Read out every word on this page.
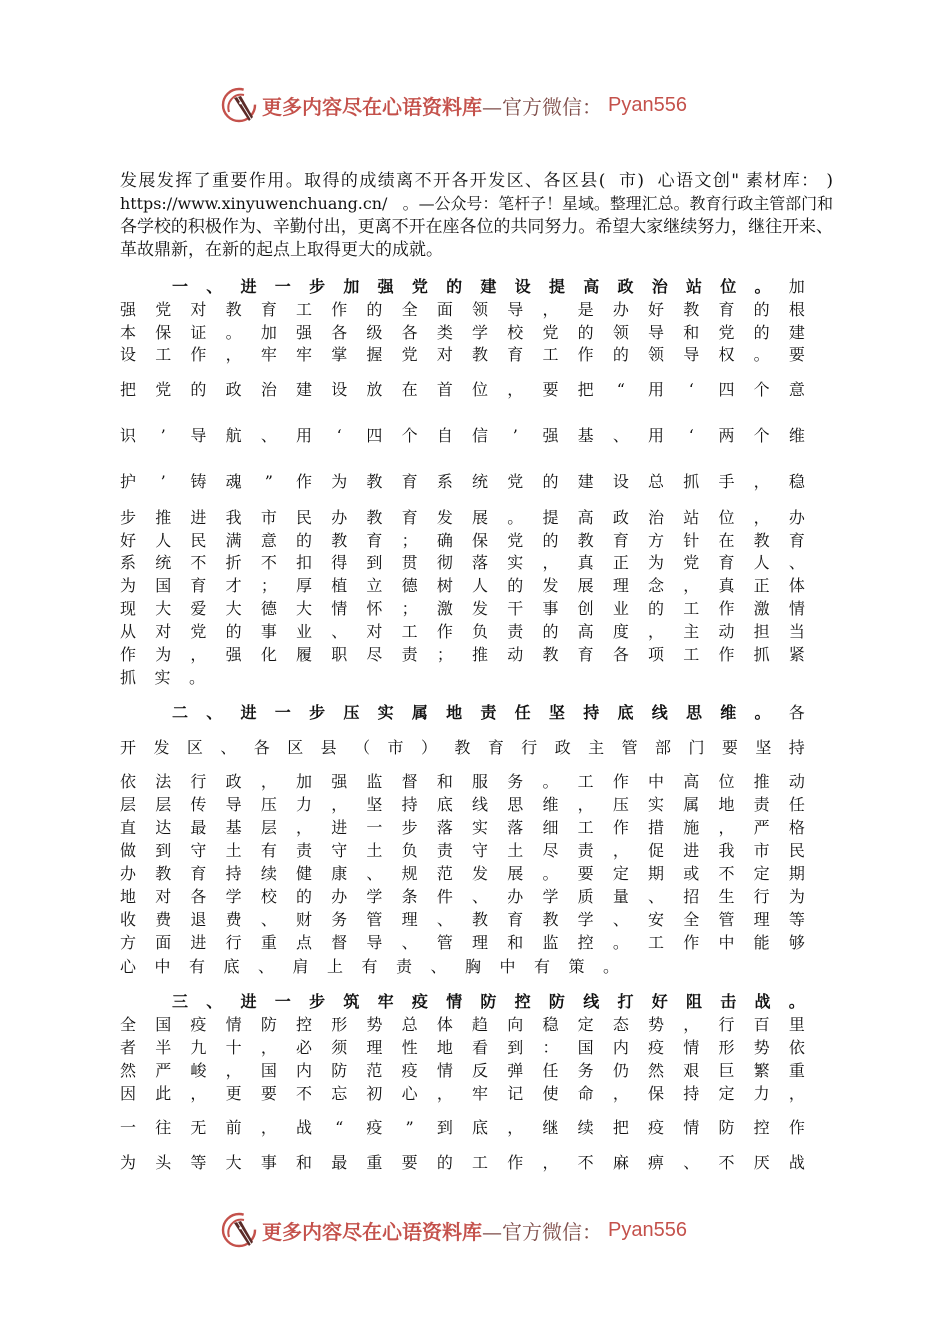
更多内容尽在心语资料库 —官方微信： Pyan556
发展发挥了重要作用。取得的成绩离不开各开发区、各区县(  市)  心语文创" 素材库： )
https://www.xinyuwenchuang.cn/   。—公众号：笔杆子！星域。整理汇总。教育行政主管部门和
各学校的积极作为、辛勤付出，更离不开在座各位的共同努力。希望大家继续努力，继往开来、
革故鼎新，在新的起点上取得更大的成就。
一 、 进 一 步 加 强 党 的 建 设 提 高 政 治 站 位 。 加
强 党 对 教 育 工 作 的 全 面 领 导 ， 是 办 好 教 育 的 根
本 保 证 。 加 强 各 级 各 类 学 校 党 的 领 导 和 党 的 建
设 工 作 ， 牢 牢 掌 握 党 对 教 育 工 作 的 领 导 权 。 要
把 党 的 政 治 建 设 放 在 首 位 ， 要 把 “ 用	‘	四 个 意
识	’	导 航 、 用	‘	四 个 自 信	’	强 基 、 用	‘	两 个 维
护	’	铸 魂 ” 作 为 教 育 系 统 党 的 建 设 总 抓 手 ， 稳
步 推 进 我 市 民 办 教 育 发 展 。 提 高 政 治 站 位 ， 办
好 人 民 满 意 的 教 育 ； 确 保 党 的 教 育 方 针 在 教 育
系 统 不 折 不 扣 得 到 贯 彻 落 实 ， 真 正 为 党 育 人 、
为 国 育 才 ； 厚 植 立 德 树 人 的 发 展 理 念 ， 真 正 体
现 大 爱 大 德 大 情 怀 ； 激 发 干 事 创 业 的 工 作 激 情
从 对 党 的 事 业 、 对 工 作 负 责 的 高 度 ， 主 动 担 当
作 为 ， 强 化 履 职 尽 责 ； 推 动 教 育 各 项 工 作 抓 紧
抓 实 。
二 、 进 一 步 压 实 属 地 责 任 坚 持 底 线 思 维 。 各
开 发 区 、 各 区 县 （ 市 ） 教 育 行 政 主 管 部 门 要 坚 持
依 法 行 政 ， 加 强 监 督 和 服 务 。 工 作 中 高 位 推 动
层 层 传 导 压 力 ， 坚 持 底 线 思 维 ， 压 实 属 地 责 任
直 达 最 基 层 ， 进 一 步 落 实 落 细 工 作 措 施 ， 严 格
做 到 守 土 有 责 守 土 负 责 守 土 尽 责 ， 促 进 我 市 民
办 教 育 持 续 健 康 、 规 范 发 展 。 要 定 期 或 不 定 期
地 对 各 学 校 的 办 学 条 件 、 办 学 质 量 、 招 生 行 为
收 费 退 费 、 财 务 管 理 、 教 育 教 学 、 安 全 管 理 等
方 面 进 行 重 点 督 导 、 管 理 和 监 控 。 工 作 中 能 够
心 中 有 底 、 肩 上 有 责 、 胸 中 有 策 。
三 、 进 一 步 筑 牢 疫 情 防 控 防 线 打 好 阻 击 战 。
全 国 疫 情 防 控 形 势 总 体 趋 向 稳 定 态 势 ， 行 百 里
者 半 九 十 ， 必 须 理 性 地 看 到 ： 国 内 疫 情 形 势 依
然 严 峻 ， 国 内 防 范 疫 情 反 弹 任 务 仍 然 艰 巨 繁 重
因 此 ， 更 要 不 忘 初 心 ， 牢 记 使 命 ， 保 持 定 力 ，
一 往 无 前 ， 战 “ 疫 ” 到 底 ， 继 续 把 疫 情 防 控 作
为 头 等 大 事 和 最 重 要 的 工 作 ， 不 麻 痹 、 不 厌 战
更多内容尽在心语资料库 —官方微信： Pyan556
